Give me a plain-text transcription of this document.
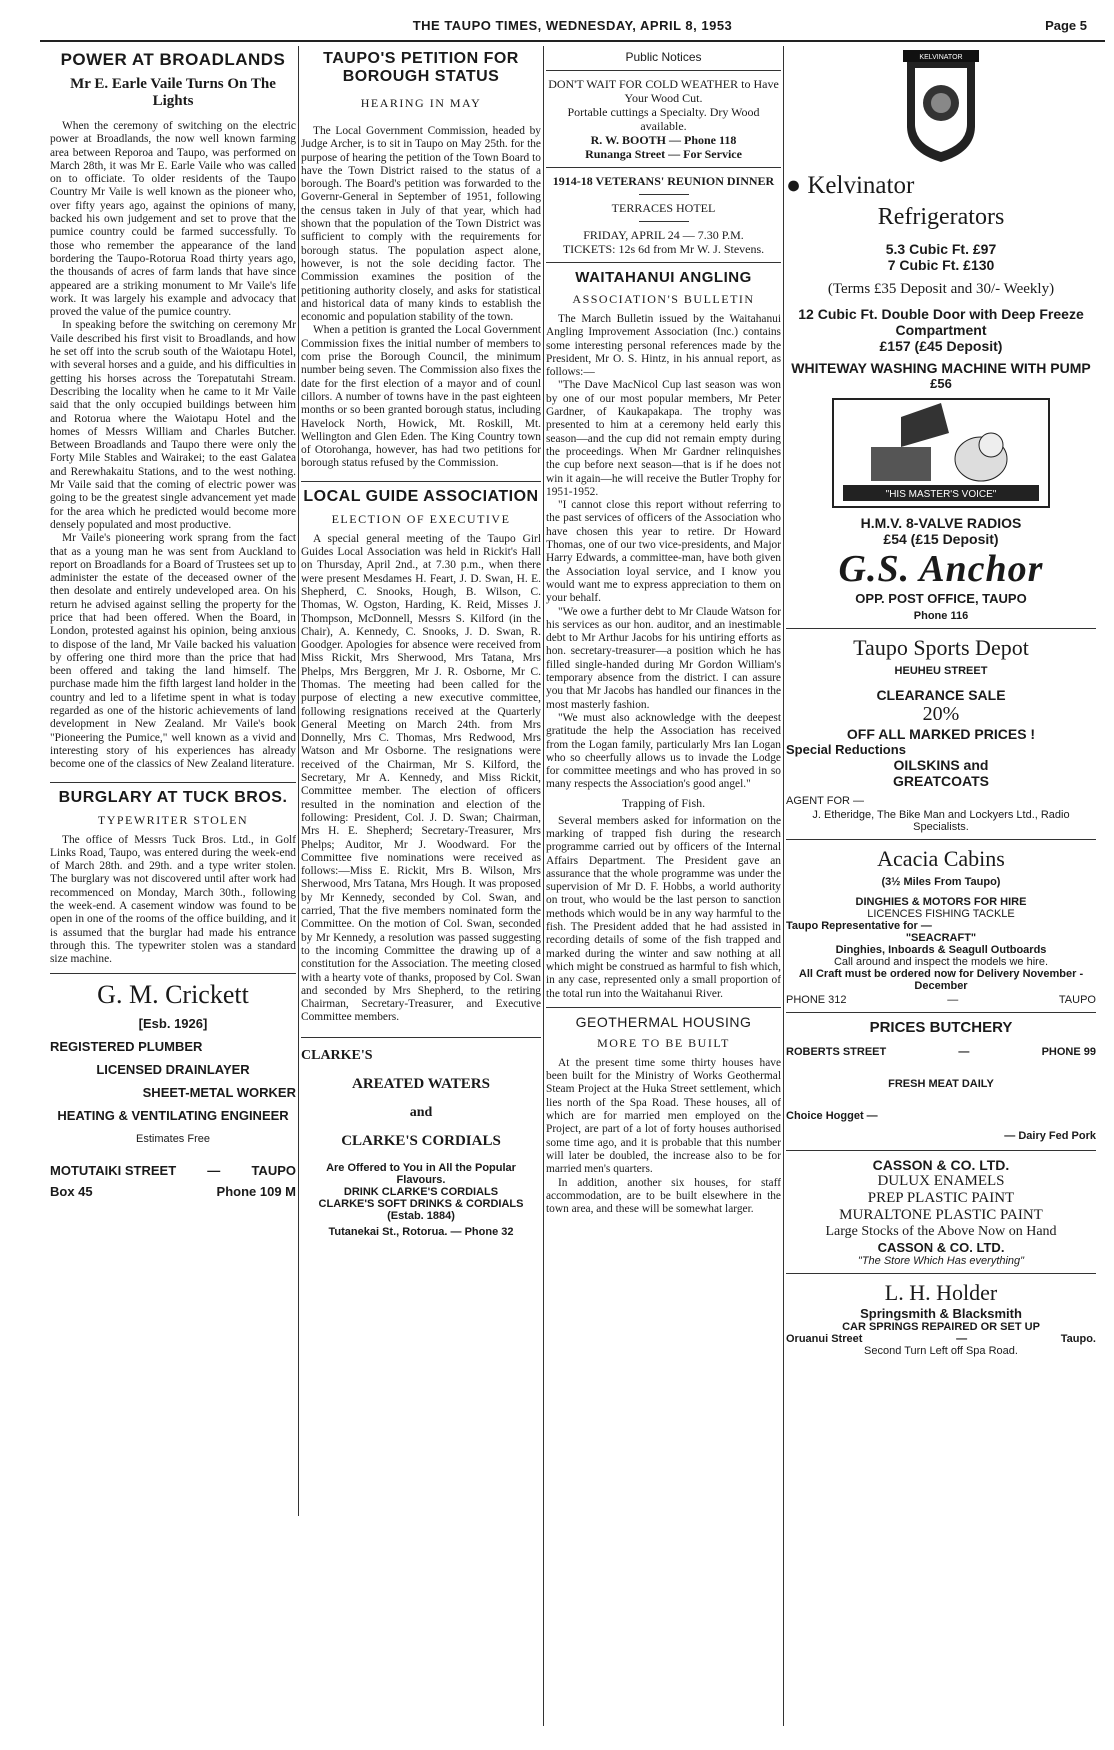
THE TAUPO TIMES, WEDNESDAY, APRIL 8, 1953	Page 5
POWER AT BROADLANDS
Mr E. Earle Vaile Turns On The Lights

When the ceremony of switching on the electric power at Broadlands, the now well known farming area between Reporoa and Taupo, was performed on March 28th, it was Mr E. Earle Vaile who was called on to officiate. To older residents of the Taupo Country Mr Vaile is well known as the pioneer who, over fifty years ago, against the opinions of many, backed his own judgement and set to prove that the pumice country could be farmed successfully. To those who remember the appearance of the land bordering the Taupo-Rotorua Road thirty years ago, the thousands of acres of farm lands that have since appeared are a striking monument to Mr Vaile's life work. It was largely his example and advocacy that proved the value of the pumice country.

In speaking before the switching on ceremony Mr Vaile described his first visit to Broadlands, and how he set off into the scrub south of the Waiotapu Hotel, with several horses and a guide, and his difficulties in getting his horses across the Torepatutahi Stream. Describing the locality when he came to it Mr Vaile said that the only occupied buildings between him and Rotorua where the Waiotapu Hotel and the homes of Messrs William and Charles Butcher. Between Broadlands and Taupo there were only the Forty Mile Stables and Wairakei; to the east Galatea and Rerewhakaitu Stations, and to the west nothing. Mr Vaile said that the coming of electric power was going to be the greatest single advancement yet made for the area which he predicted would become more densely populated and most productive.

Mr Vaile's pioneering work sprang from the fact that as a young man he was sent from Auckland to report on Broadlands for a Board of Trustees set up to administer the estate of the deceased owner of the then desolate and entirely undeveloped area. On his return he advised against selling the property for the price that had been offered. When the Board, in London, protested against his opinion, being anxious to dispose of the land, Mr Vaile backed his valuation by offering one third more than the price that had been offered and taking the land himself. The purchase made him the fifth largest land holder in the country and led to a lifetime spent in what is today regarded as one of the historic achievements of land development in New Zealand. Mr Vaile's book "Pioneering the Pumice," well known as a vivid and interesting story of his experiences has already become one of the classics of New Zealand literature.

BURGLARY AT TUCK BROS.
TYPEWRITER STOLEN

The office of Messrs Tuck Bros. Ltd., in Golf Links Road, Taupo, was entered during the week-end of March 28th. and 29th. and a type writer stolen. The burglary was not discovered until after work had recommenced on Monday, March 30th., following the week-end. A casement window was found to be open in one of the rooms of the office building, and it is assumed that the burglar had made his entrance through this. The typewriter stolen was a standard size machine.

G. M. Crickett
[Esb. 1926]
REGISTERED PLUMBER
LICENSED DRAINLAYER
SHEET-METAL WORKER
HEATING & VENTILATING ENGINEER
Estimates Free
MOTUTAIKI STREET — TAUPO
Box 45	Phone 109 M
TAUPO'S PETITION FOR BOROUGH STATUS
HEARING IN MAY

The Local Government Commission, headed by Judge Archer, is to sit in Taupo on May 25th. for the purpose of hearing the petition of the Town Board to have the Town District raised to the status of a borough. The Board's petition was forwarded to the Governr-General in September of 1951, following the census taken in July of that year, which had shown that the population of the Town District was sufficient to comply with the requirements for borough status. The population aspect alone, however, is not the sole deciding factor. The Commission examines the position of the petitioning authority closely, and asks for statistical and historical data of many kinds to establish the economic and population stability of the town.

When a petition is granted the Local Government Commission fixes the initial number of members to com prise the Borough Council, the minimum number being seven. The Commission also fixes the date for the first election of a mayor and of counl cillors. A number of towns have in the past eighteen months or so been granted borough status, including Havelock North, Howick, Mt. Roskill, Mt. Wellington and Glen Eden. The King Country town of Otorohanga, however, has had two petitions for borough status refused by the Commission.

LOCAL GUIDE ASSOCIATION
ELECTION OF EXECUTIVE

A special general meeting of the Taupo Girl Guides Local Association was held in Rickit's Hall on Thursday, April 2nd., at 7.30 p.m., when there were present Mesdames H. Feart, J. D. Swan, H. E. Shepherd, C. Snooks, Hough, B. Wilson, C. Thomas, W. Ogston, Harding, K. Reid, Misses J. Thompson, McDonnell, Messrs S. Kilford (in the Chair), A. Kennedy, C. Snooks, J. D. Swan, R. Goodger. Apologies for absence were received from Miss Rickit, Mrs Sherwood, Mrs Tatana, Mrs Phelps, Mrs Berggren, Mr J. R. Osborne, Mr C. Thomas. The meeting had been called for the purpose of electing a new executive committee, following resignations received at the Quarterly General Meeting on March 24th. from Mrs Donnelly, Mrs C. Thomas, Mrs Redwood, Mrs Watson and Mr Osborne. The resignations were received of the Chairman, Mr S. Kilford, the Secretary, Mr A. Kennedy, and Miss Rickit, Committee member. The election of officers resulted in the nomination and election of the following: President, Col. J. D. Swan; Chairman, Mrs H. E. Shepherd; Secretary-Treasurer, Mrs Phelps; Auditor, Mr J. Woodward. For the Committee five nominations were received as follows:—Miss E. Rickit, Mrs B. Wilson, Mrs Sherwood, Mrs Tatana, Mrs Hough. It was proposed by Mr Kennedy, seconded by Col. Swan, and carried, That the five members nominated form the Committee. On the motion of Col. Swan, seconded by Mr Kennedy, a resolution was passed suggesting to the incoming Committee the drawing up of a constitution for the Association. The meeting closed with a hearty vote of thanks, proposed by Col. Swan and seconded by Mrs Shepherd, to the retiring Chairman, Secretary-Treasurer, and Executive Committee members.

CLARKE'S
AREATED WATERS
and
CLARKE'S CORDIALS
Are Offered to You in All the Popular Flavours.
DRINK CLARKE'S CORDIALS
CLARKE'S SOFT DRINKS & CORDIALS
(Estab. 1884)
Tutanekai St., Rotorua. — Phone 32
Public Notices
DON'T WAIT FOR COLD WEATHER to Have Your Wood Cut.
Portable cuttings a Specialty. Dry Wood available.
R. W. BOOTH — Phone 118
Runanga Street — For Service
1914-18 VETERANS' REUNION DINNER
TERRACES HOTEL
FRIDAY, APRIL 24 — 7.30 P.M.
TICKETS: 12s 6d from Mr W. J. Stevens.
WAITAHANUI ANGLING
ASSOCIATION'S BULLETIN

The March Bulletin issued by the Waitahanui Angling Improvement Association (Inc.) contains some interesting personal references made by the President, Mr O. S. Hintz, in his annual report, as follows:—

"The Dave MacNicol Cup last season was won by one of our most popular members, Mr Peter Gardner, of Kaukapakapa. The trophy was presented to him at a ceremony held early this season—and the cup did not remain empty during the proceedings. When Mr Gardner relinquishes the cup before next season—that is if he does not win it again—he will receive the Butler Trophy for 1951-1952.

"I cannot close this report without referring to the past services of officers of the Association who have chosen this year to retire. Dr Howard Thomas, one of our two vice-presidents, and Major Harry Edwards, a committee-man, have both given the Association loyal service, and I know you would want me to express appreciation to them on your behalf.

"We owe a further debt to Mr Claude Watson for his services as our hon. auditor, and an inestimable debt to Mr Arthur Jacobs for his untiring efforts as hon. secretary-treasurer—a position which he has filled single-handed during Mr Gordon William's temporary absence from the district. I can assure you that Mr Jacobs has handled our finances in the most masterly fashion.

"We must also acknowledge with the deepest gratitude the help the Association has received from the Logan family, particularly Mrs Ian Logan who so cheerfully allows us to invade the Lodge for committee meetings and who has proved in so many respects the Association's good angel."

Trapping of Fish.

Several members asked for information on the marking of trapped fish during the research programme carried out by officers of the Internal Affairs Department. The President gave an assurance that the whole programme was under the supervision of Mr D. F. Hobbs, a world authority on trout, who would be the last person to sanction methods which would be in any way harmful to the fish. The President added that he had assisted in recording details of some of the fish trapped and marked during the winter and saw nothing at all which might be construed as harmful to fish which, in any case, represented only a small proportion of the total run into the Waitahanui River.

GEOTHERMAL HOUSING
MORE TO BE BUILT

At the present time some thirty houses have been built for the Ministry of Works Geothermal Steam Project at the Huka Street settlement, which lies north of the Spa Road. These houses, all of which are for married men employed on the Project, are part of a lot of forty houses authorised some time ago, and it is probable that this number will later be doubled, the increase also to be for married men's quarters.

In addition, another six houses, for staff accommodation, are to be built elsewhere in the town area, and these will be somewhat larger.

KELVINATOR
● Kelvinator
Refrigerators
5.3 Cubic Ft. £97
7 Cubic Ft. £130
(Terms £35 Deposit and 30/- Weekly)
12 Cubic Ft. Double Door with Deep Freeze Compartment
£157 (£45 Deposit)
WHITEWAY WASHING MACHINE WITH PUMP
£56
"HIS MASTER'S VOICE"
H.M.V. 8-VALVE RADIOS
£54 (£15 Deposit)
G.S. Anchor
OPP. POST OFFICE, TAUPO
Phone 116
Taupo Sports Depot
HEUHEU STREET
CLEARANCE SALE
20%
OFF ALL MARKED PRICES !
Special Reductions
OILSKINS and
GREATCOATS
AGENT FOR —
J. Etheridge, The Bike Man and Lockyers Ltd., Radio Specialists.
Acacia Cabins
(3½ Miles From Taupo)
DINGHIES & MOTORS FOR HIRE
LICENCES FISHING TACKLE
Taupo Representative for —
"SEACRAFT"
Dinghies, Inboards & Seagull Outboards
Call around and inspect the models we hire.
All Craft must be ordered now for Delivery November - December
PHONE 312	—	TAUPO
PRICES BUTCHERY
ROBERTS STREET	—	PHONE 99
FRESH MEAT DAILY
Choice Hogget —
— Dairy Fed Pork
CASSON & CO. LTD.
DULUX ENAMELS
PREP PLASTIC PAINT
MURALTONE PLASTIC PAINT
Large Stocks of the Above Now on Hand
CASSON & CO. LTD.
"The Store Which Has everything"
L. H. Holder
Springsmith & Blacksmith
CAR SPRINGS REPAIRED OR SET UP
Oruanui Street	—	Taupo.
Second Turn Left off Spa Road.
